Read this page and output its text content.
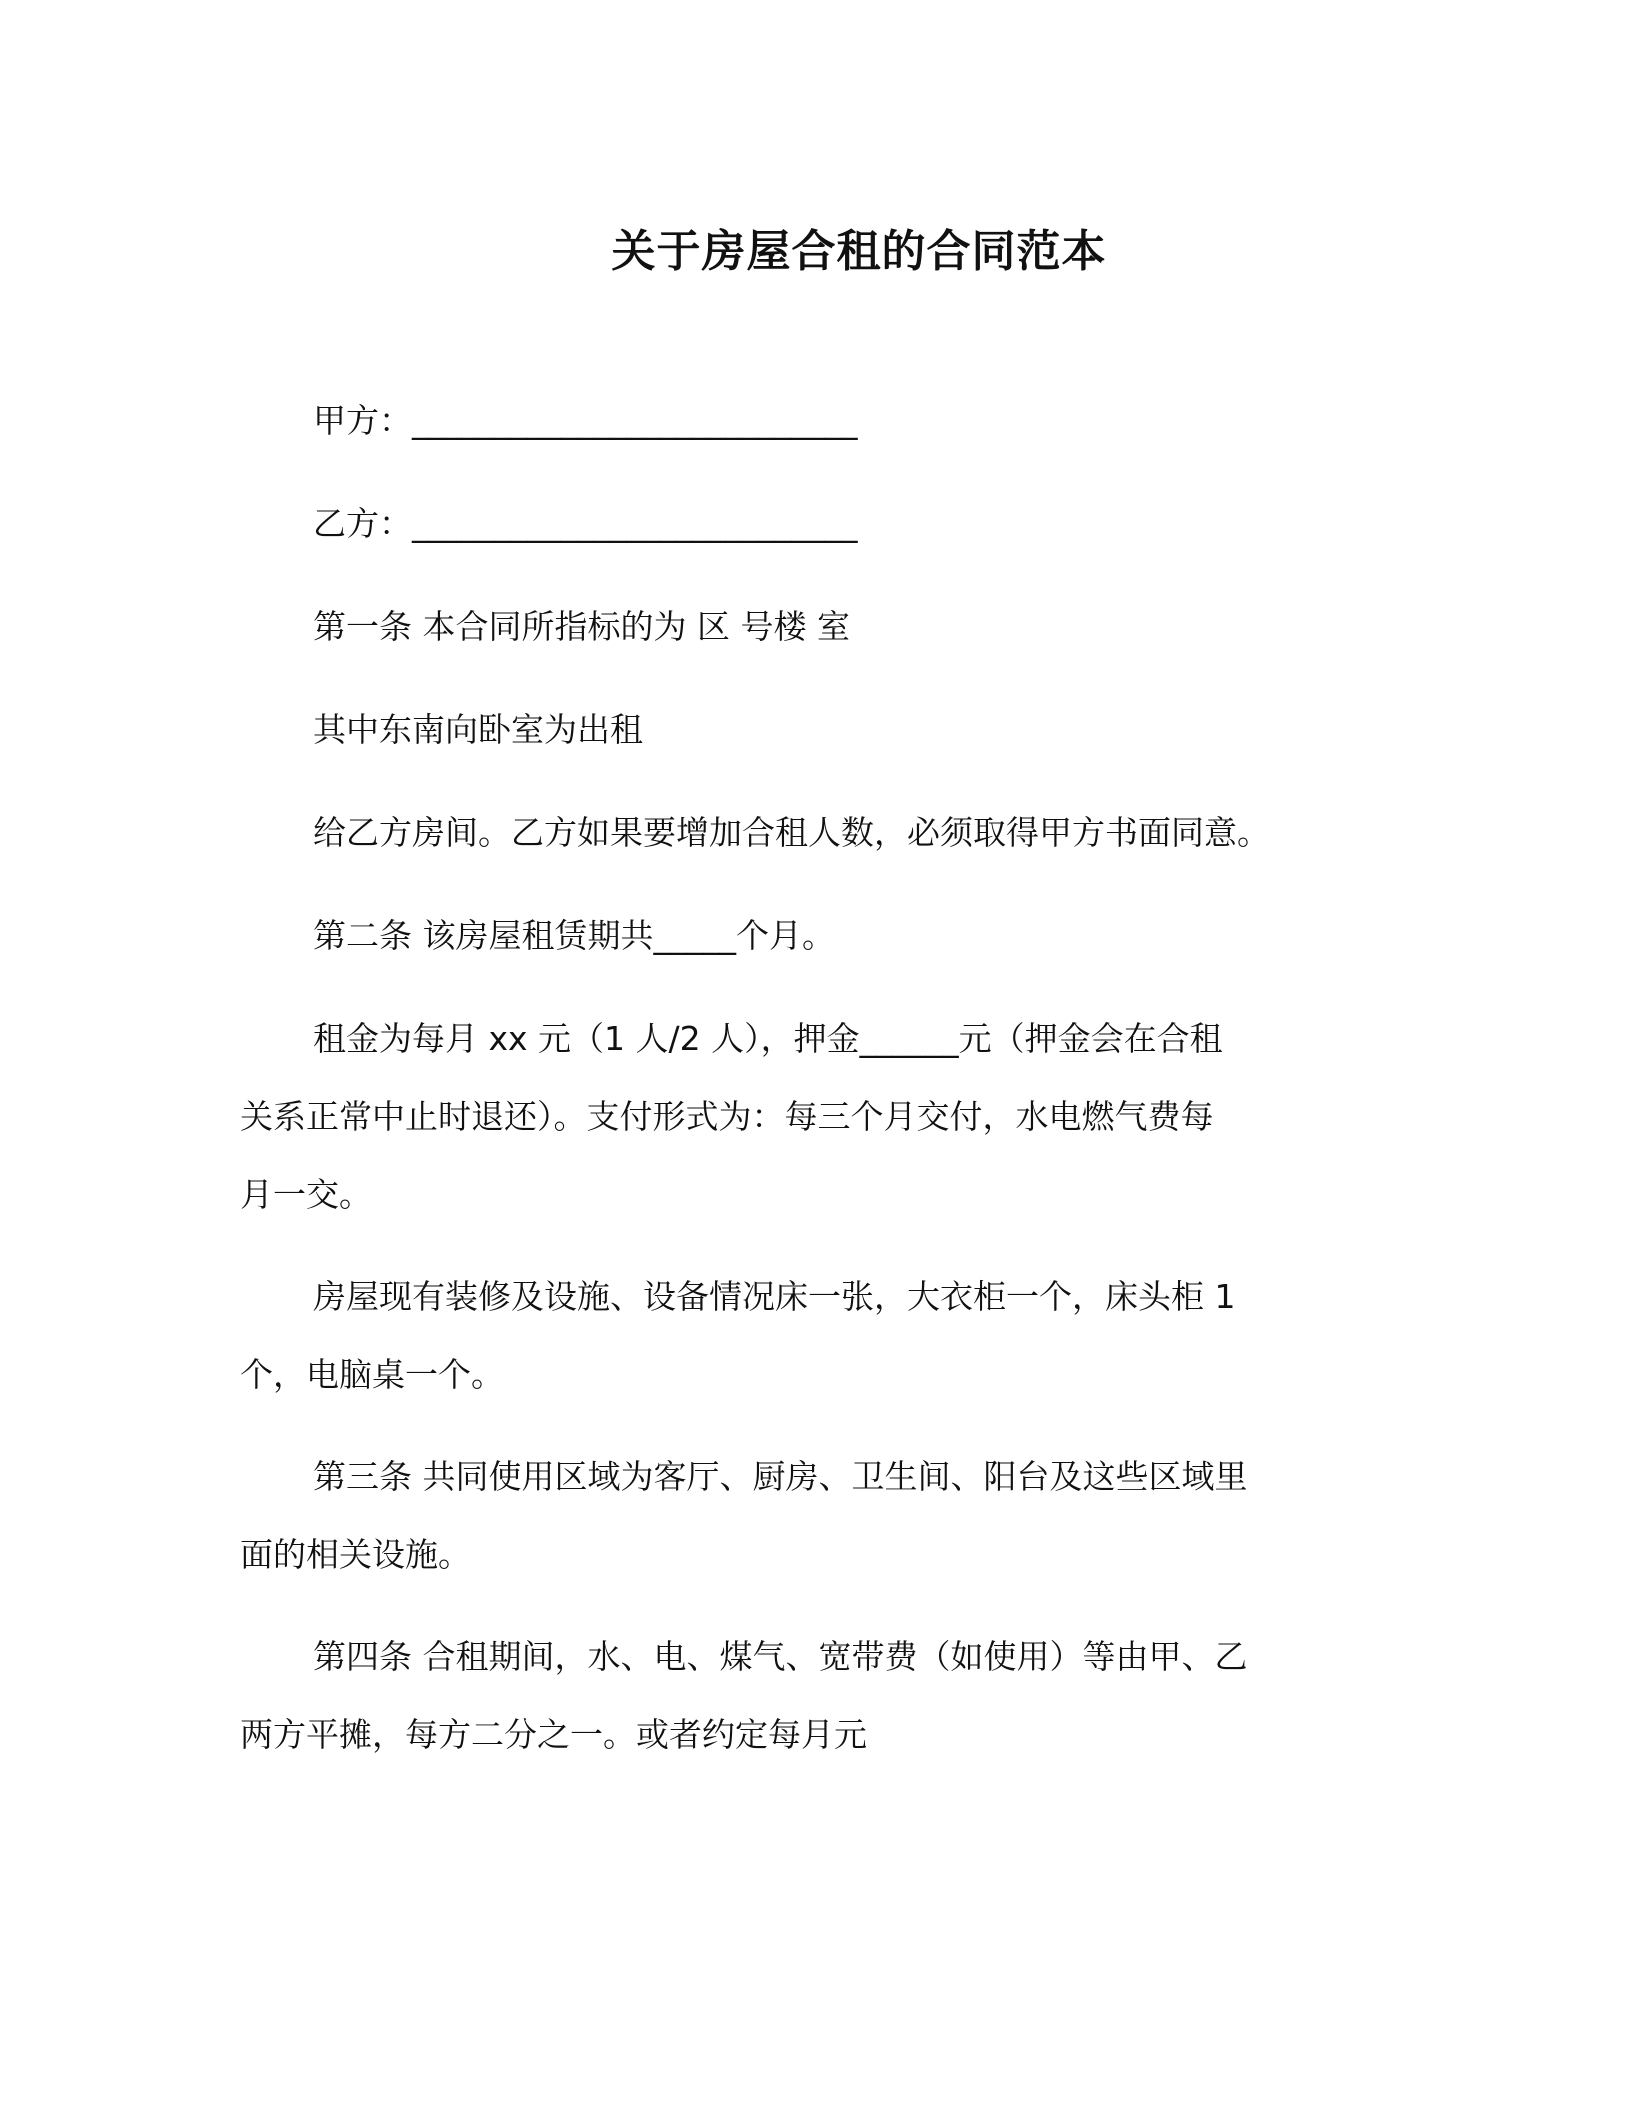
关于房屋合租的合同范本
甲方：___________________________
乙方：___________________________
第一条 本合同所指标的为 区 号楼 室
其中东南向卧室为出租
给乙方房间。乙方如果要增加合租人数，必须取得甲方书面同意。
第二条 该房屋租赁期共_____个月。
租金为每月 xx 元（1 人/2 人），押金______元（押金会在合租
关系正常中止时退还）。支付形式为：每三个月交付，水电燃气费每
月一交。
房屋现有装修及设施、设备情况床一张，大衣柜一个，床头柜 1
个，电脑桌一个。
第三条 共同使用区域为客厅、厨房、卫生间、阳台及这些区域里
面的相关设施。
第四条 合租期间，水、电、煤气、宽带费（如使用）等由甲、乙
两方平摊，每方二分之一。或者约定每月元
